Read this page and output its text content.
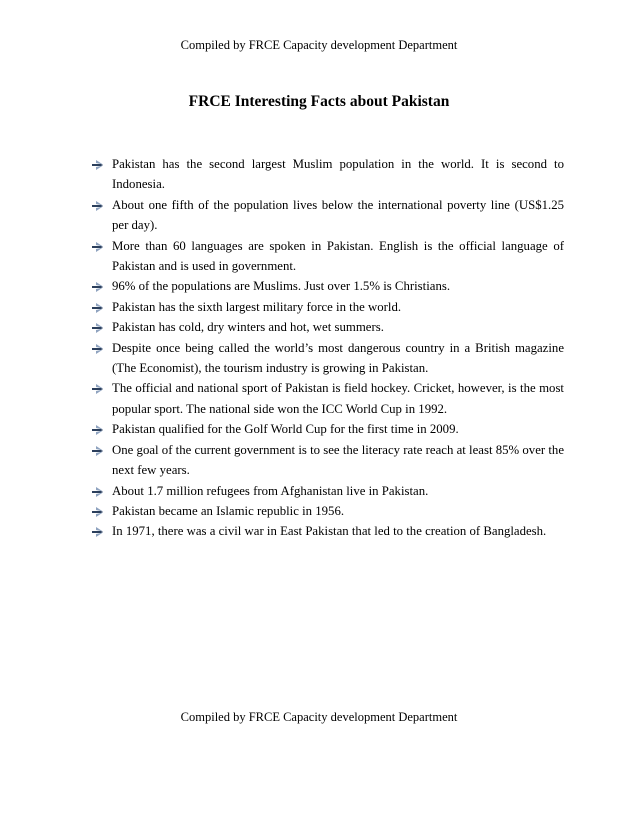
Compiled by FRCE Capacity development Department
FRCE Interesting Facts about Pakistan
Pakistan has the second largest Muslim population in the world. It is second to Indonesia.
About one fifth of the population lives below the international poverty line (US$1.25 per day).
More than 60 languages are spoken in Pakistan. English is the official language of Pakistan and is used in government.
96% of the populations are Muslims. Just over 1.5% is Christians.
Pakistan has the sixth largest military force in the world.
Pakistan has cold, dry winters and hot, wet summers.
Despite once being called the world’s most dangerous country in a British magazine (The Economist), the tourism industry is growing in Pakistan.
The official and national sport of Pakistan is field hockey. Cricket, however, is the most popular sport. The national side won the ICC World Cup in 1992.
Pakistan qualified for the Golf World Cup for the first time in 2009.
One goal of the current government is to see the literacy rate reach at least 85% over the next few years.
About 1.7 million refugees from Afghanistan live in Pakistan.
Pakistan became an Islamic republic in 1956.
In 1971, there was a civil war in East Pakistan that led to the creation of Bangladesh.
Compiled by FRCE Capacity development Department
